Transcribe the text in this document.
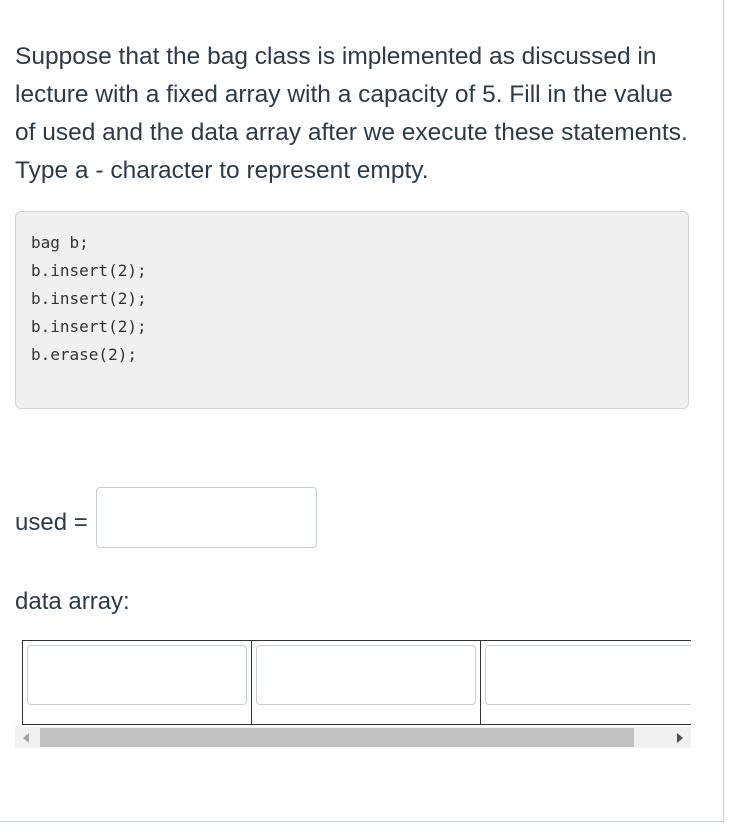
Suppose that the bag class is implemented as discussed in lecture with a fixed array with a capacity of 5. Fill in the value of used and the data array after we execute these statements. Type a - character to represent empty.

bag b;
b.insert(2);
b.insert(2);
b.insert(2);
b.erase(2);
used =
data array:
